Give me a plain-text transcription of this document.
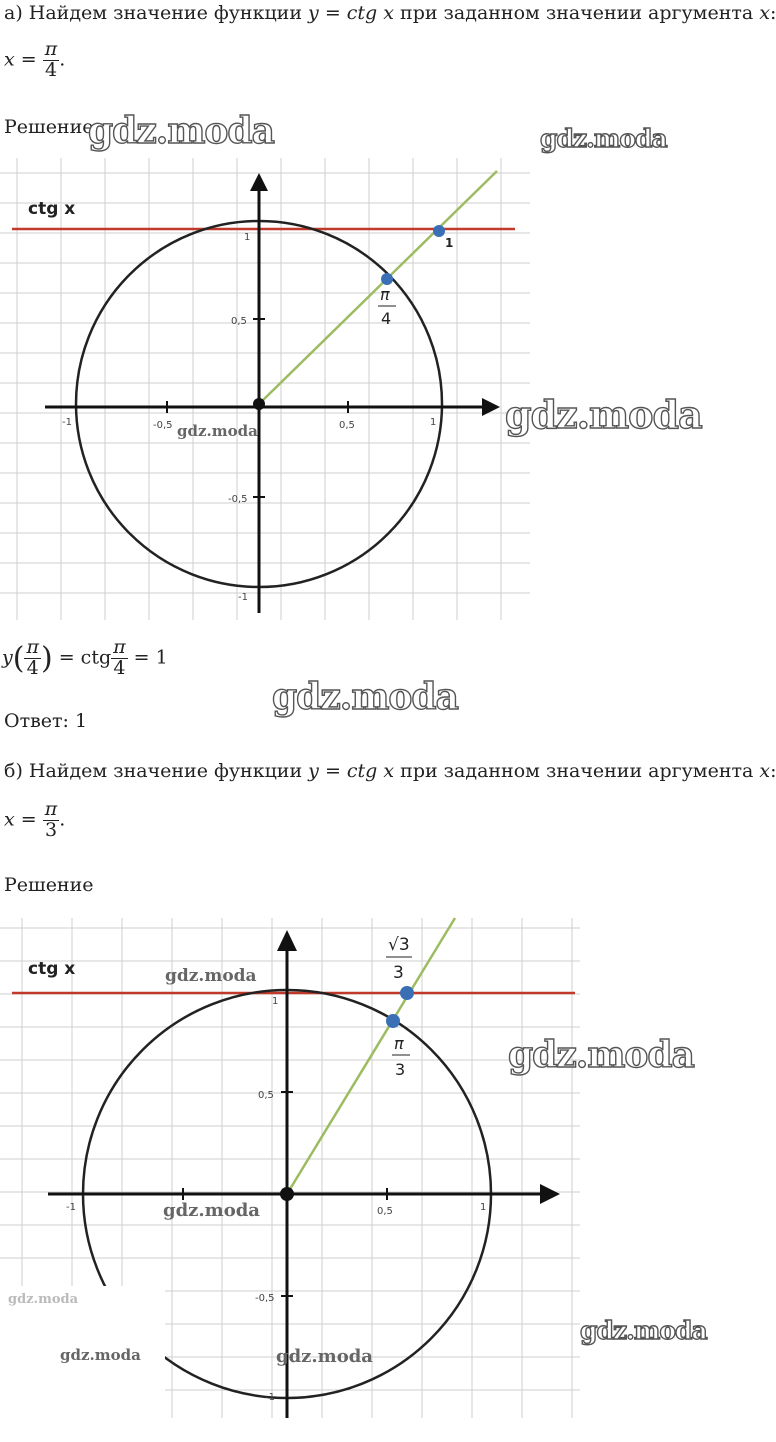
а) Найдем значение функции y = ctg x при заданном значении аргумента x:
$x = \frac{\pi}{4}$ .
Решение
ctg x
-1	-0,5	0,5	1
1
0,5
-0,5
-1
1
π
4
$y( \frac{\pi}{4}$ ) = ctg $\frac{\pi}{4} = 1$
Ответ: 1
б) Найдем значение функции y = ctg x при заданном значении аргумента x:
$x = \frac{\pi}{3}$ .
Решение
ctg x
-1	0,5	1
1
0,5
-0,5
-1
√3
3
π
3
gdz.moda	gdz.moda
gdz.moda
gdz.moda
gdz.moda
gdz.moda
gdz.moda
gdz.moda
gdz.moda
gdz.moda	gdz.moda
gdz.moda
